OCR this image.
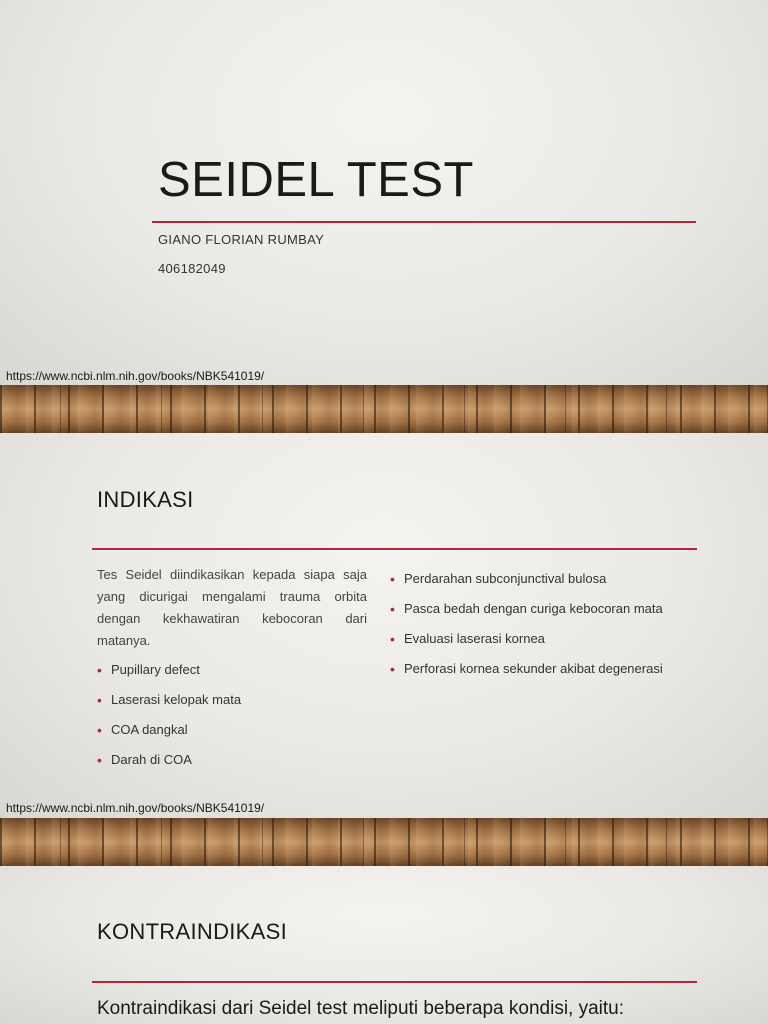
SEIDEL TEST
GIANO FLORIAN RUMBAY
406182049
https://www.ncbi.nlm.nih.gov/books/NBK541019/
INDIKASI

Tes Seidel diindikasikan kepada siapa saja yang dicurigai mengalami trauma orbita dengan kekhawatiran kebocoran dari matanya.

• Pupillary defect
• Laserasi kelopak mata
• COA dangkal
• Darah di COA
• Perdarahan subconjunctival bulosa
• Pasca bedah dengan curiga kebocoran mata
• Evaluasi laserasi kornea
• Perforasi kornea sekunder akibat degenerasi
https://www.ncbi.nlm.nih.gov/books/NBK541019/
KONTRAINDIKASI

Kontraindikasi dari Seidel test meliputi beberapa kondisi, yaitu:
